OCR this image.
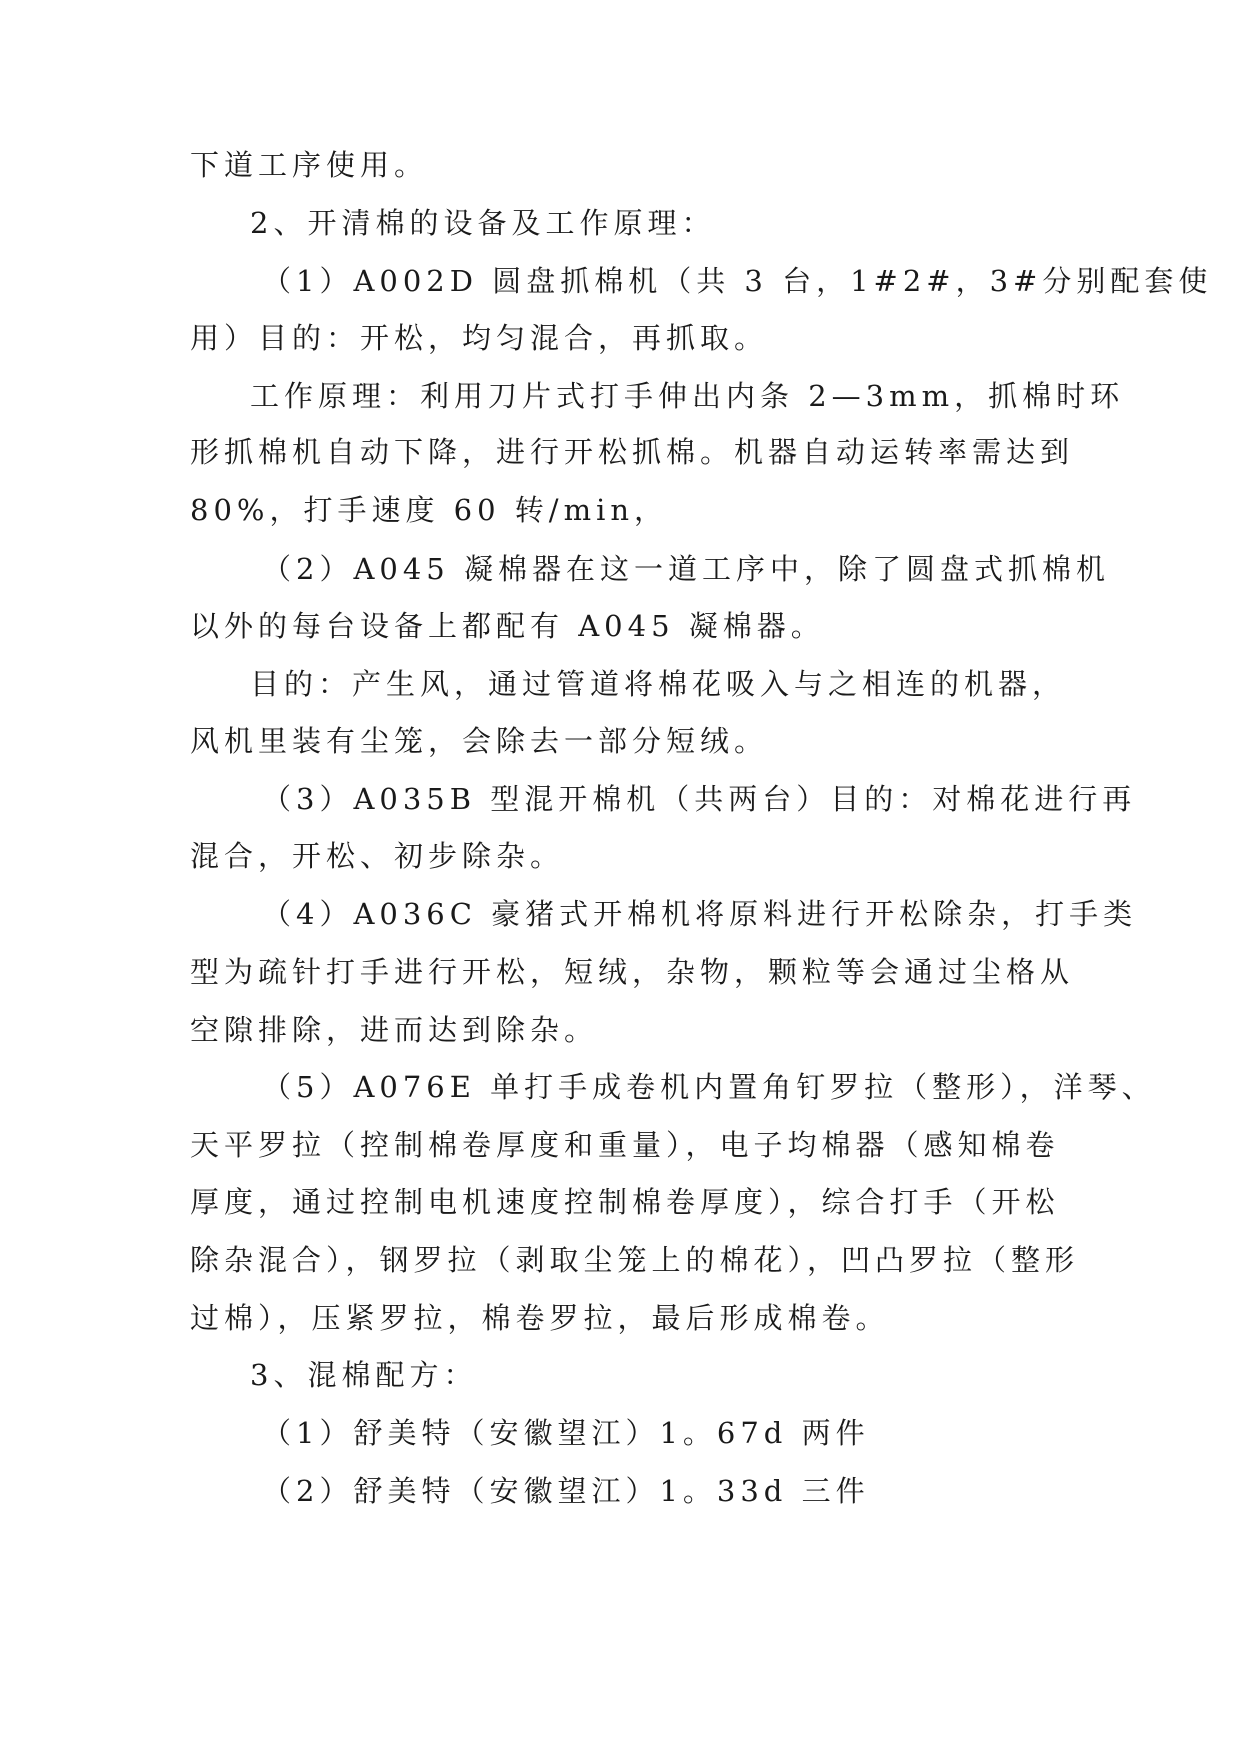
下道工序使用。
2、开清棉的设备及工作原理：
（1）A002D 圆盘抓棉机（共 3 台，1#2#，3#分别配套使
用）目的：开松，均匀混合，再抓取。
工作原理：利用刀片式打手伸出内条 2—3mm，抓棉时环
形抓棉机自动下降，进行开松抓棉。机器自动运转率需达到
80%，打手速度 60 转/min，
（2）A045 凝棉器在这一道工序中，除了圆盘式抓棉机
以外的每台设备上都配有 A045 凝棉器。
目的：产生风，通过管道将棉花吸入与之相连的机器，
风机里装有尘笼，会除去一部分短绒。
（3）A035B 型混开棉机（共两台）目的：对棉花进行再
混合，开松、初步除杂。
（4）A036C 豪猪式开棉机将原料进行开松除杂，打手类
型为疏针打手进行开松，短绒，杂物，颗粒等会通过尘格从
空隙排除，进而达到除杂。
（5）A076E 单打手成卷机内置角钉罗拉（整形），洋琴、
天平罗拉（控制棉卷厚度和重量），电子均棉器（感知棉卷
厚度，通过控制电机速度控制棉卷厚度），综合打手（开松
除杂混合），钢罗拉（剥取尘笼上的棉花），凹凸罗拉（整形
过棉），压紧罗拉，棉卷罗拉，最后形成棉卷。
3、混棉配方：
（1）舒美特（安徽望江）1。67d 两件
（2）舒美特（安徽望江）1。33d 三件
